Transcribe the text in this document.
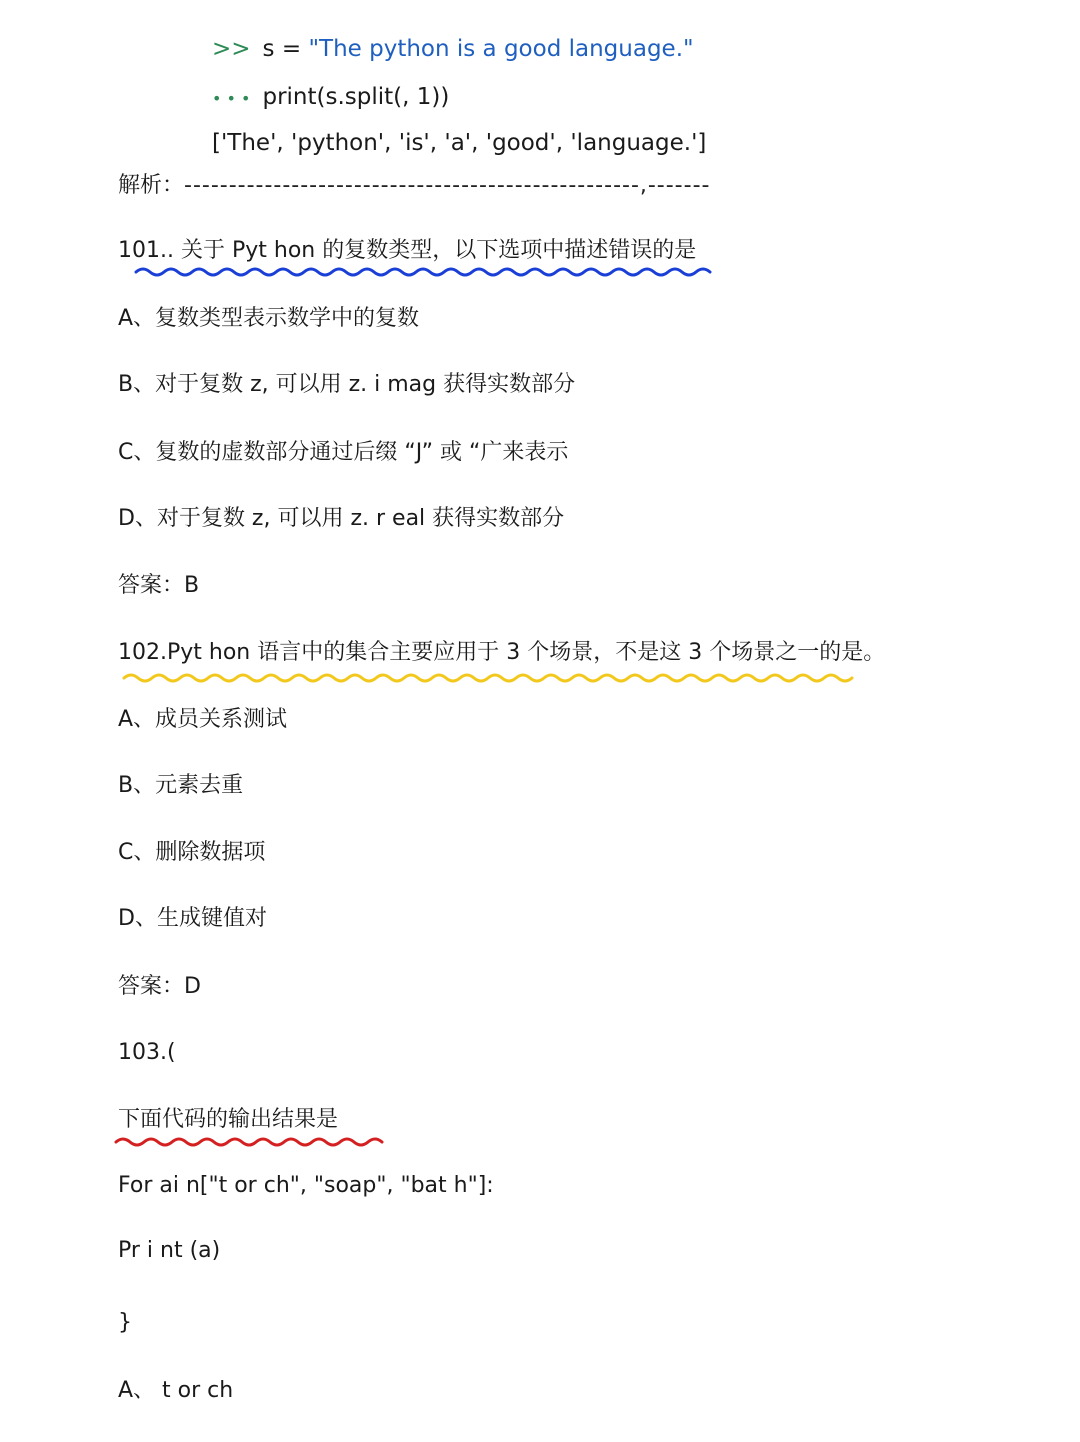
>> s = "The python is a good language."
• • • print(s.split(, 1))
['The', 'python', 'is', 'a', 'good', 'language.']
解析：---------------------------------------------------,-------
101.. 关于 Pyt hon 的复数类型，以下选项中描述错误的是
A、复数类型表示数学中的复数
B、对于复数 z, 可以用 z. i mag 获得实数部分
C、复数的虚数部分通过后缀 “J” 或 “广来表示
D、对于复数 z, 可以用 z. r eal 获得实数部分
答案：B
102.Pyt hon 语言中的集合主要应用于 3 个场景，不是这 3 个场景之一的是。
A、成员关系测试
B、元素去重
C、删除数据项
D、生成键值对
答案：D
103.(
下面代码的输出结果是
For ai n["t or ch", "soap", "bat h"]:
Pr i nt (a)
}
A、 t or ch
